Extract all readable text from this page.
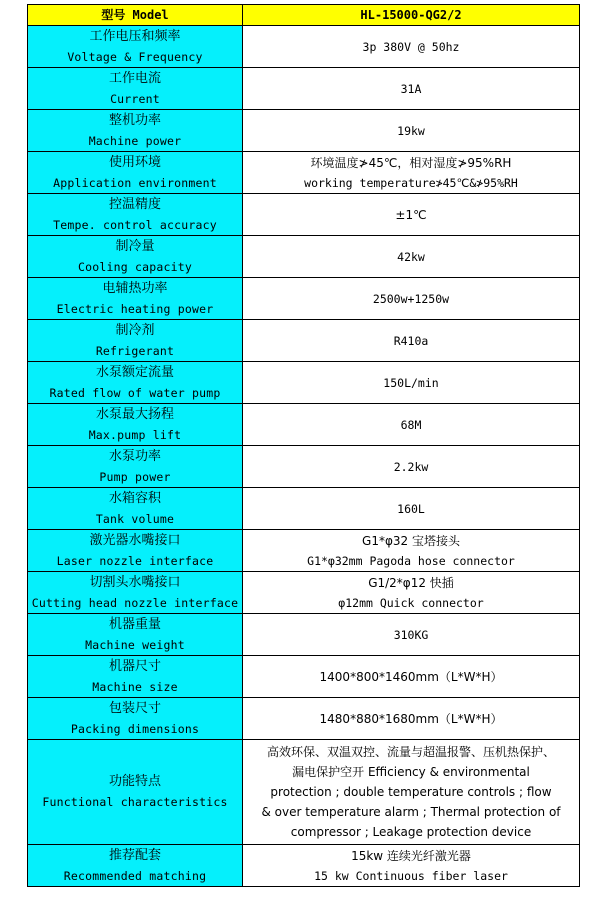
型号 Model	HL-15000-QG2/2

工作电压和频率
Voltage & Frequency	3p 380V @ 50hz

工作电流
Current	31A

整机功率
Machine power	19kw

使用环境
Application environment	环境温度≯45℃，相对湿度≯95%RH
working temperature≯45℃&≯95%RH

控温精度
Tempe. control accuracy	±1℃

制冷量
Cooling capacity	42kw

电辅热功率
Electric heating power	2500w+1250w

制冷剂
Refrigerant	R410a

水泵额定流量
Rated flow of water pump	150L/min

水泵最大扬程
Max.pump lift	68M

水泵功率
Pump power	2.2kw

水箱容积
Tank volume	160L

激光器水嘴接口
Laser nozzle interface	G1*φ32 宝塔接头
G1*φ32mm Pagoda hose connector

切割头水嘴接口
Cutting head nozzle interface	G1/2*φ12 快插
φ12mm Quick connector

机器重量
Machine weight	310KG

机器尺寸
Machine size	1400*800*1460mm（L*W*H）

包装尺寸
Packing dimensions	1480*880*1680mm（L*W*H）

功能特点
Functional characteristics	高效环保、双温双控、流量与超温报警、压机热保护、
漏电保护空开 Efficiency & environmental
protection ; double temperature controls ; flow
& over temperature alarm ; Thermal protection of
compressor ; Leakage protection device

推荐配套
Recommended matching	15kw 连续光纤激光器
15 kw Continuous fiber laser
